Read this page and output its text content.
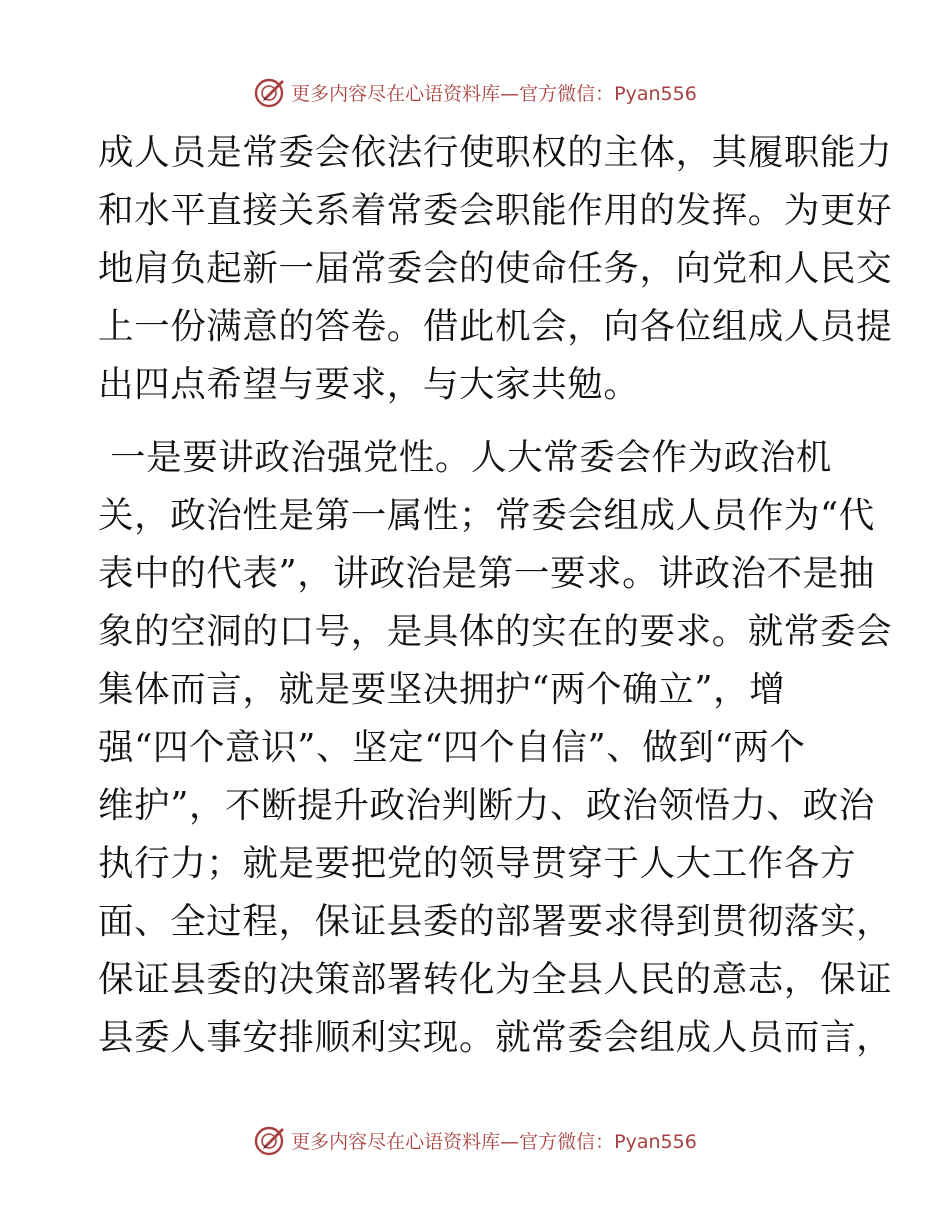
更多内容尽在心语资料库—官方微信：Pyan556
成人员是常委会依法行使职权的主体，其履职能力
和水平直接关系着常委会职能作用的发挥。为更好
地肩负起新一届常委会的使命任务，向党和人民交
上一份满意的答卷。借此机会，向各位组成人员提
出四点希望与要求，与大家共勉。
一是要讲政治强党性。人大常委会作为政治机
关，政治性是第一属性；常委会组成人员作为“代
表中的代表”，讲政治是第一要求。讲政治不是抽
象的空洞的口号，是具体的实在的要求。就常委会
集体而言，就是要坚决拥护“两个确立”，增
强“四个意识”、坚定“四个自信”、做到“两个
维护”，不断提升政治判断力、政治领悟力、政治
执行力；就是要把党的领导贯穿于人大工作各方
面、全过程，保证县委的部署要求得到贯彻落实，
保证县委的决策部署转化为全县人民的意志，保证
县委人事安排顺利实现。就常委会组成人员而言，
更多内容尽在心语资料库—官方微信：Pyan556
